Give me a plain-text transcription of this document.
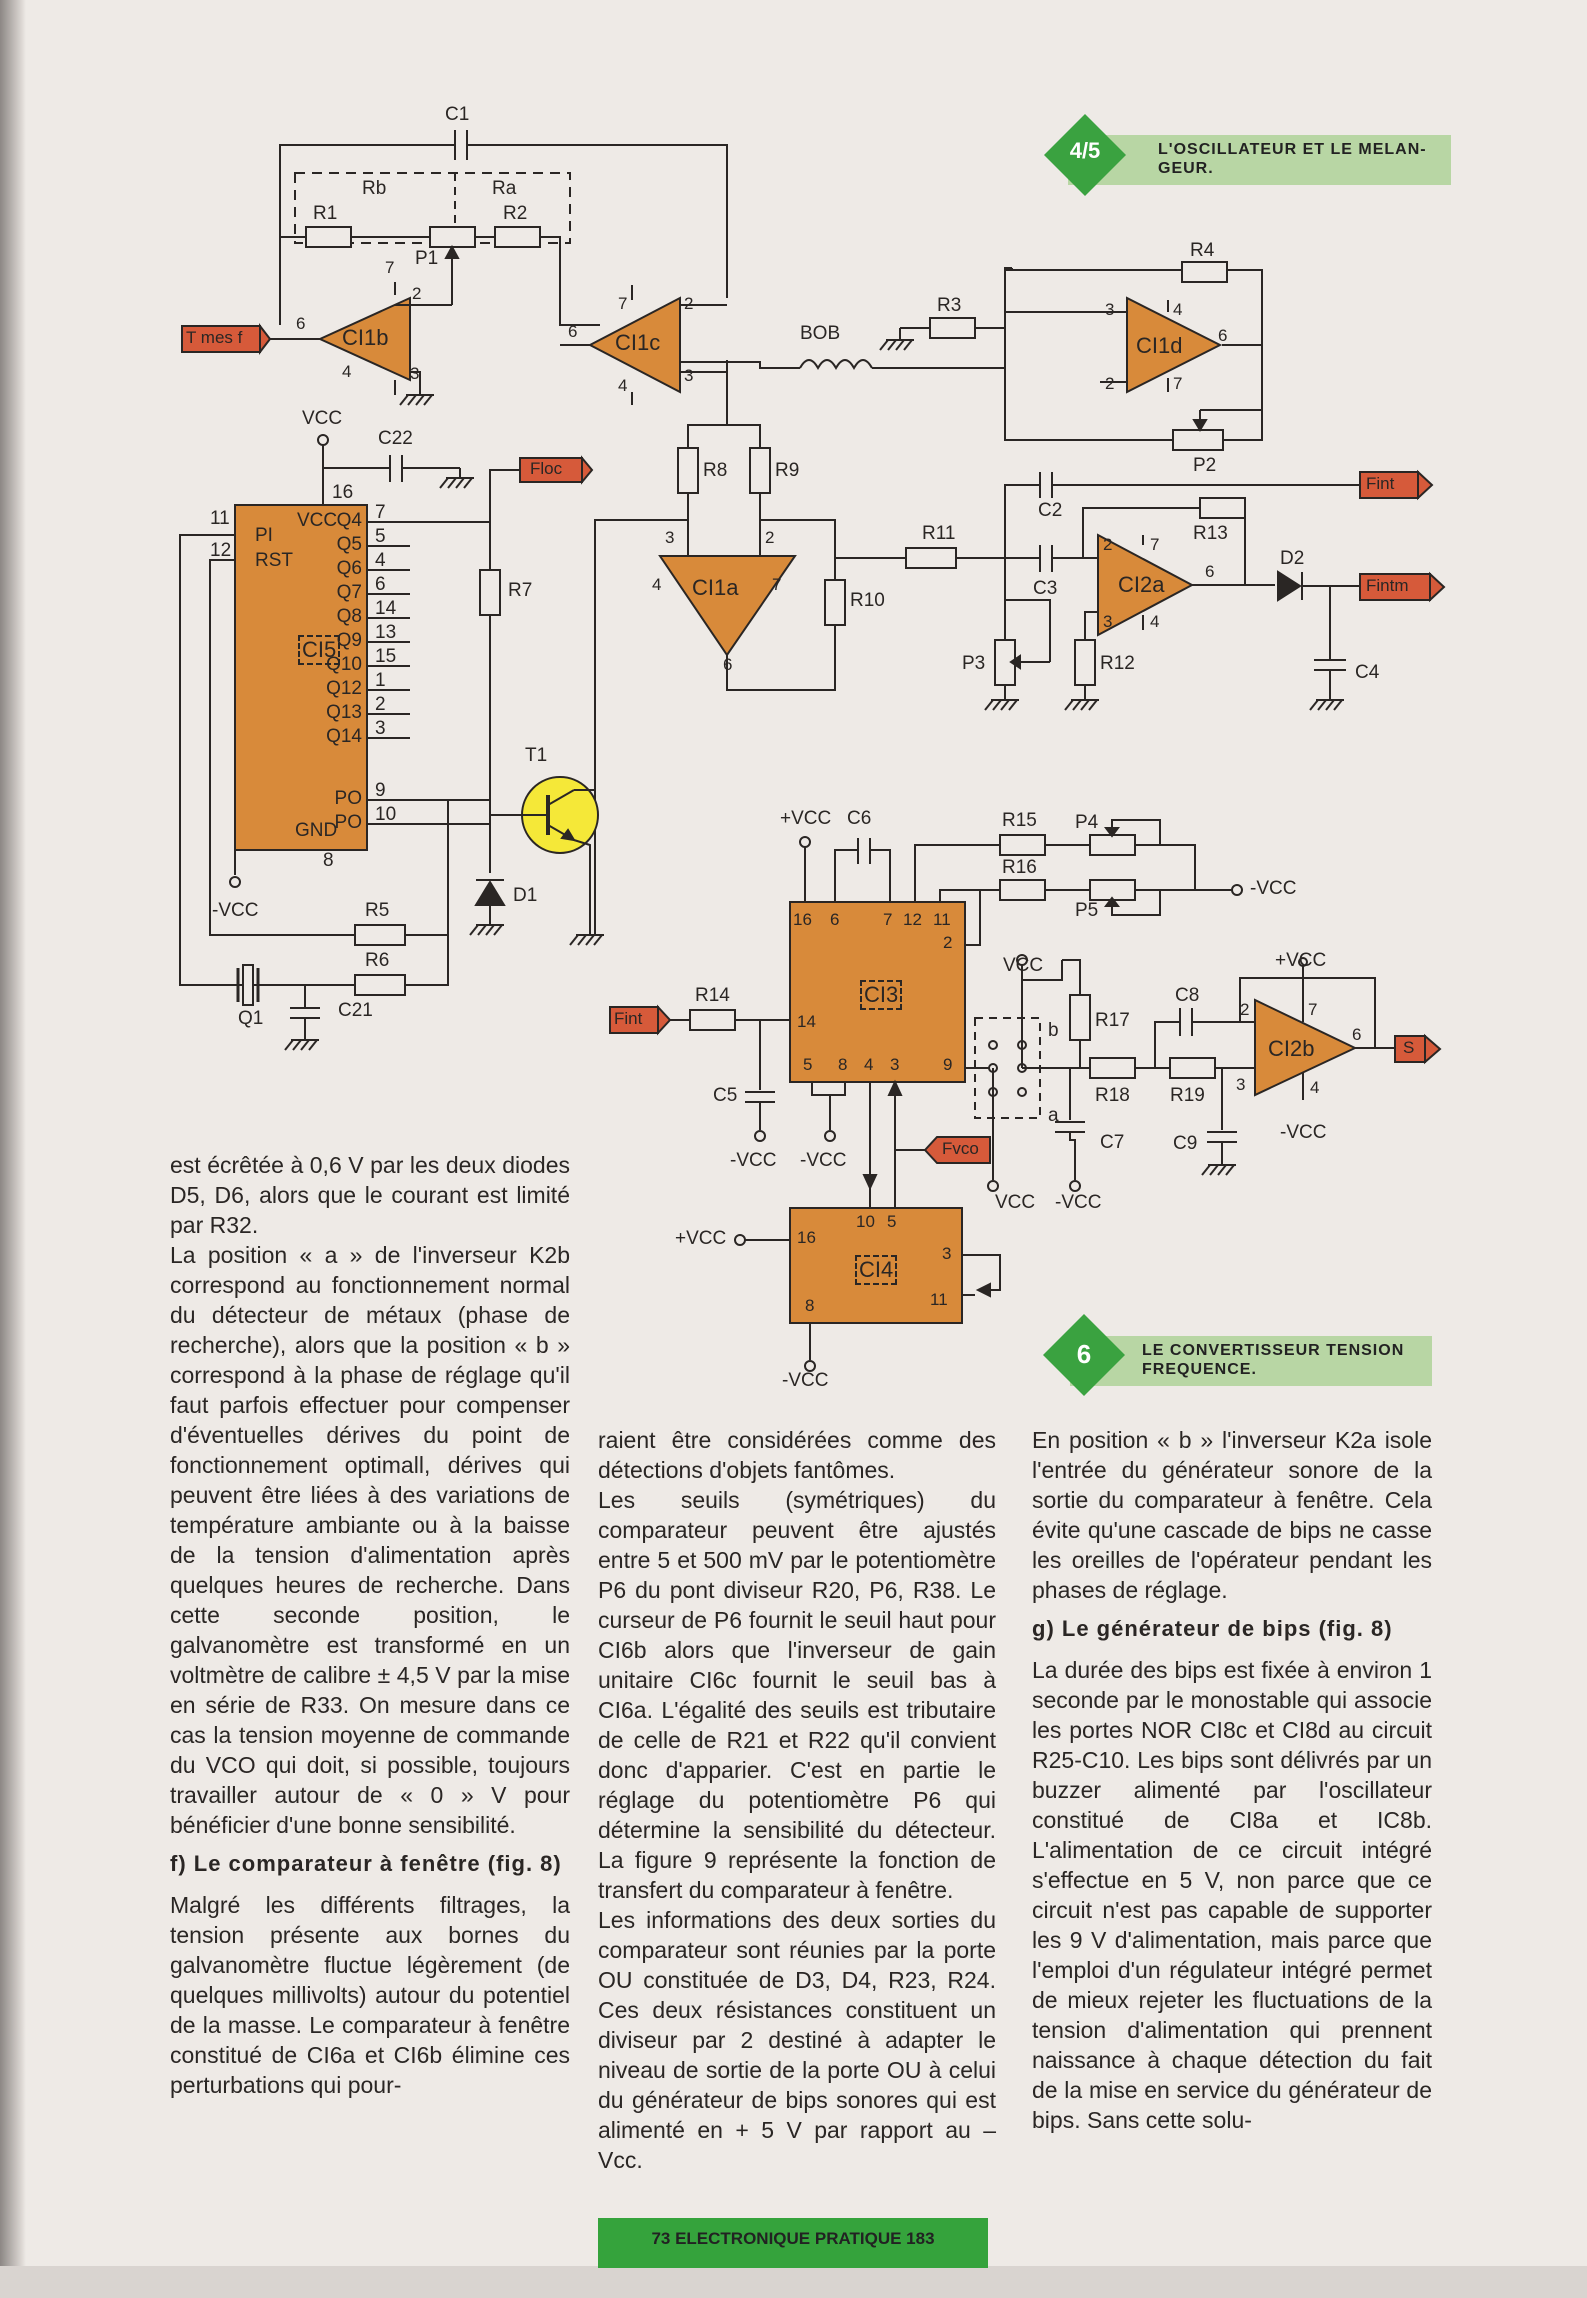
4/5	L'OSCILLATEUR ET LE MELAN-
GEUR.
6	LE CONVERTISSEUR TENSION
FREQUENCE.
C1
Rb	Ra
R1	R2
P1
CI1b	CI1c	BOB
R3
R4
CI1d
P2
R8	R9
CI1a
R10
R11
C2
C3
R13
CI2a
D2
R12
P3	C4
VCC
C22
CI5
R7
T1
D1
R5
R6
Q1	C21
-VCC
PI
RST
11
12
VCC
16
GND
8
Q4
Q5
Q6
Q7
Q8
Q9
Q10
Q12
Q13
Q14
PO
PO
7
5
4
6
14
13
15
1
2
3
9
10
7
2
6
4	3
7	2
6
4
3
3	4
6
2	7
3	2
4	7
6
2 7
6
3 4
T mes f
Floc
Fint
Fintm
Fint
Fvco
S
+VCC C6	R15 P4
R16
P5
-VCC
CI3
R14
C5
-VCC -VCC
VCC
b
a
R17
C8
R18 R19
C7	C9
VCC -VCC
+VCC
CI2b
-VCC
2	7
6
3	4
16 6	7 12 11
2
14
5 8 4 3	9
+VCC
CI4
10 5
16
3
11
8
-VCC

est écrêtée à 0,6 V par les deux diodes D5, D6, alors que le courant est limité par R32.

La position « a » de l'inverseur K2b correspond au fonctionnement normal du détecteur de métaux (phase de recherche), alors que la position « b » correspond à la phase de réglage qu'il faut parfois effectuer pour compenser d'éventuelles dérives du point de fonctionnement optimall, dérives qui peuvent être liées à des variations de température ambiante ou à la baisse de la tension d'alimentation après quelques heures de recherche. Dans cette seconde position, le galvanomètre est transformé en un voltmètre de calibre ± 4,5 V par la mise en série de R33. On mesure dans ce cas la tension moyenne de commande du VCO qui doit, si possible, toujours travailler autour de « 0 » V pour bénéficier d'une bonne sensibilité.

f) Le comparateur à fenêtre (fig. 8)

Malgré les différents filtrages, la tension présente aux bornes du galvanomètre fluctue légèrement (de quelques millivolts) autour du potentiel de la masse. Le comparateur à fenêtre constitué de CI6a et CI6b élimine ces perturbations qui pour-

raient être considérées comme des détections d'objets fantômes.

Les seuils (symétriques) du comparateur peuvent être ajustés entre 5 et 500 mV par le potentiomètre P6 du pont diviseur R20, P6, R38. Le curseur de P6 fournit le seuil haut pour CI6b alors que l'inverseur de gain unitaire CI6c fournit le seuil bas à CI6a. L'égalité des seuils est tributaire de celle de R21 et R22 qu'il convient donc d'apparier. C'est en partie le réglage du potentiomètre P6 qui détermine la sensibilité du détecteur. La figure 9 représente la fonction de transfert du comparateur à fenêtre.

Les informations des deux sorties du comparateur sont réunies par la porte OU constituée de D3, D4, R23, R24. Ces deux résistances constituent un diviseur par 2 destiné à adapter le niveau de sortie de la porte OU à celui du générateur de bips sonores qui est alimenté en + 5 V par rapport au – Vcc.

En position « b » l'inverseur K2a isole l'entrée du générateur sonore de la sortie du comparateur à fenêtre. Cela évite qu'une cascade de bips ne casse les oreilles de l'opérateur pendant les phases de réglage.

g) Le générateur de bips (fig. 8)

La durée des bips est fixée à environ 1 seconde par le monostable qui associe les portes NOR CI8c et CI8d au circuit R25-C10. Les bips sont délivrés par un buzzer alimenté par l'oscillateur constitué de CI8a et IC8b. L'alimentation de ce circuit intégré s'effectue en 5 V, non parce que ce circuit n'est pas capable de supporter les 9 V d'alimentation, mais parce que l'emploi d'un régulateur intégré permet de mieux rejeter les fluctuations de la tension d'alimentation qui prennent naissance à chaque détection du fait de la mise en service du générateur de bips. Sans cette solu-

73 ELECTRONIQUE PRATIQUE 183
